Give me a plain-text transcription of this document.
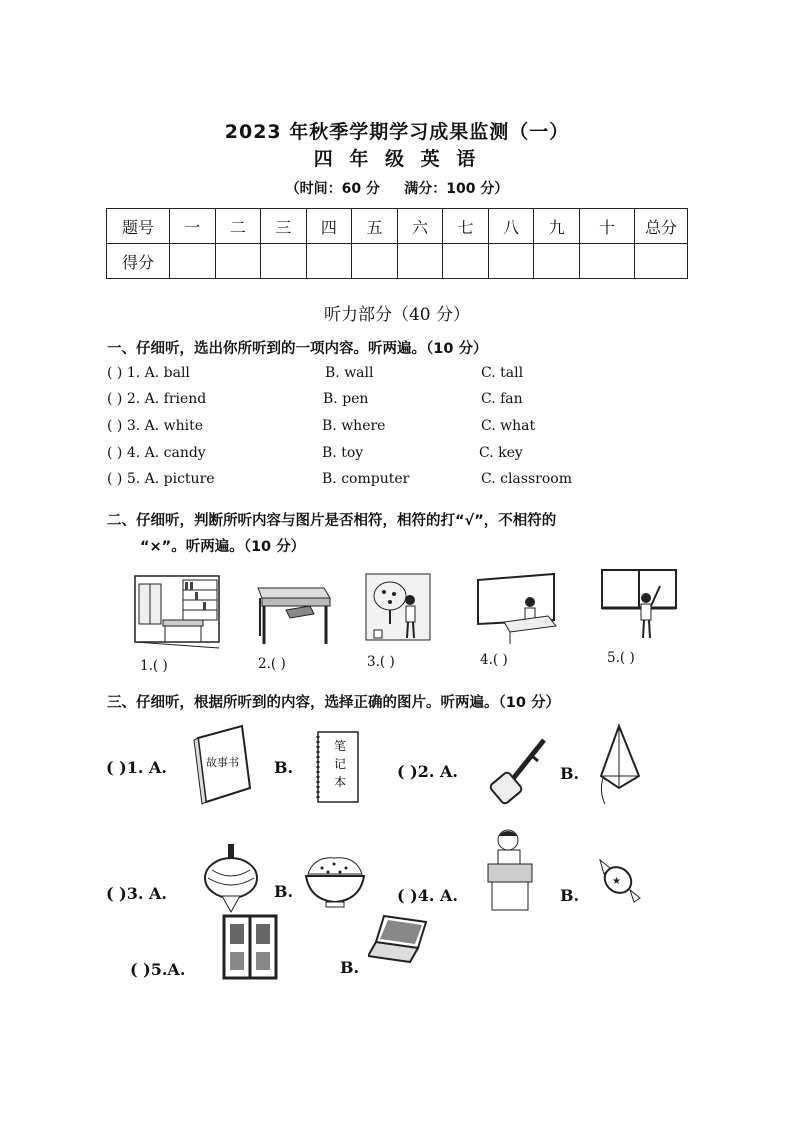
2023 年秋季学期学习成果监测（一）
四 年 级 英 语
（时间：60 分     满分：100 分）
题号	一	二	三	四	五	六	七	八	九	十	总分
得分											
听力部分（40 分）
一、仔细听，选出你所听到的一项内容。听两遍。（10 分）
( ) 1. A. ball	B. wall	C. tall
( ) 2. A. friend	B. pen	C. fan
( ) 3. A. white	B. where	C. what
( ) 4. A. candy	B. toy	C. key
( ) 5. A. picture	B. computer	C. classroom
二、仔细听，判断所听内容与图片是否相符，相符的打“√”，不相符的
“×”。听两遍。（10 分）
1.( )	2.( )	3.( )	4.( )	5.( )
三、仔细听，根据所听到的内容，选择正确的图片。听两遍。（10 分）
( )1. A.	故事书 B.
笔
记
本
( )2. A.	B.
( )3. A.	B.	( )4. A.	B.
★
( )5.A.	B.
